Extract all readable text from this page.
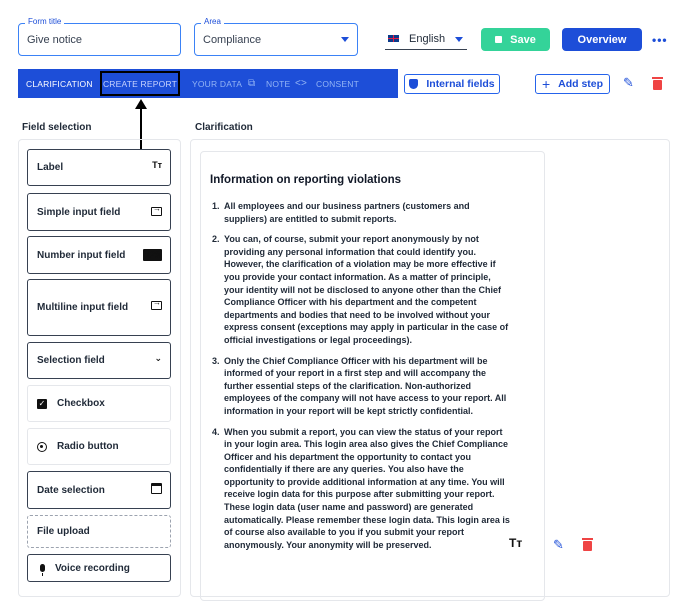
Form title
Give notice
Area
Compliance	English	Save	Overview •••
CLARIFICATION	CREATE REPORT	YOUR DATA ⧉ NOTE <> CONSENT	Internal fields	+ Add step ✎
Field selection	Clarification
Label	Tт
Simple input field
→
Number input field 123
Multiline input field
→
Selection field	⌄
✓ Checkbox
Radio button
Date selection
File upload
Voice recording
Information on reporting violations
1. All employees and our business partners (customers and suppliers) are entitled to submit reports.
2. You can, of course, submit your report anonymously by not providing any personal information that could identify you. However, the clarification of a violation may be more effective if you provide your contact information. As a matter of principle, your identity will not be disclosed to anyone other than the Chief Compliance Officer with his department and the competent departments and bodies that need to be involved without your express consent (exceptions may apply in particular in the case of official investigations or legal proceedings).
3. Only the Chief Compliance Officer with his department will be informed of your report in a first step and will accompany the further essential steps of the clarification. Non-authorized employees of the company will not have access to your report. All information in your report will be kept strictly confidential.
4. When you submit a report, you can view the status of your report in your login area. This login area also gives the Chief Compliance Officer and his department the opportunity to contact you confidentially if there are any queries. You also have the opportunity to provide additional information at any time. You will receive login data for this purpose after submitting your report. These login data (user name and password) are generated automatically. Please remember these login data. This login area is of course also available to you if you submit your report anonymously. Your anonymity will be preserved.	Tт ✎
